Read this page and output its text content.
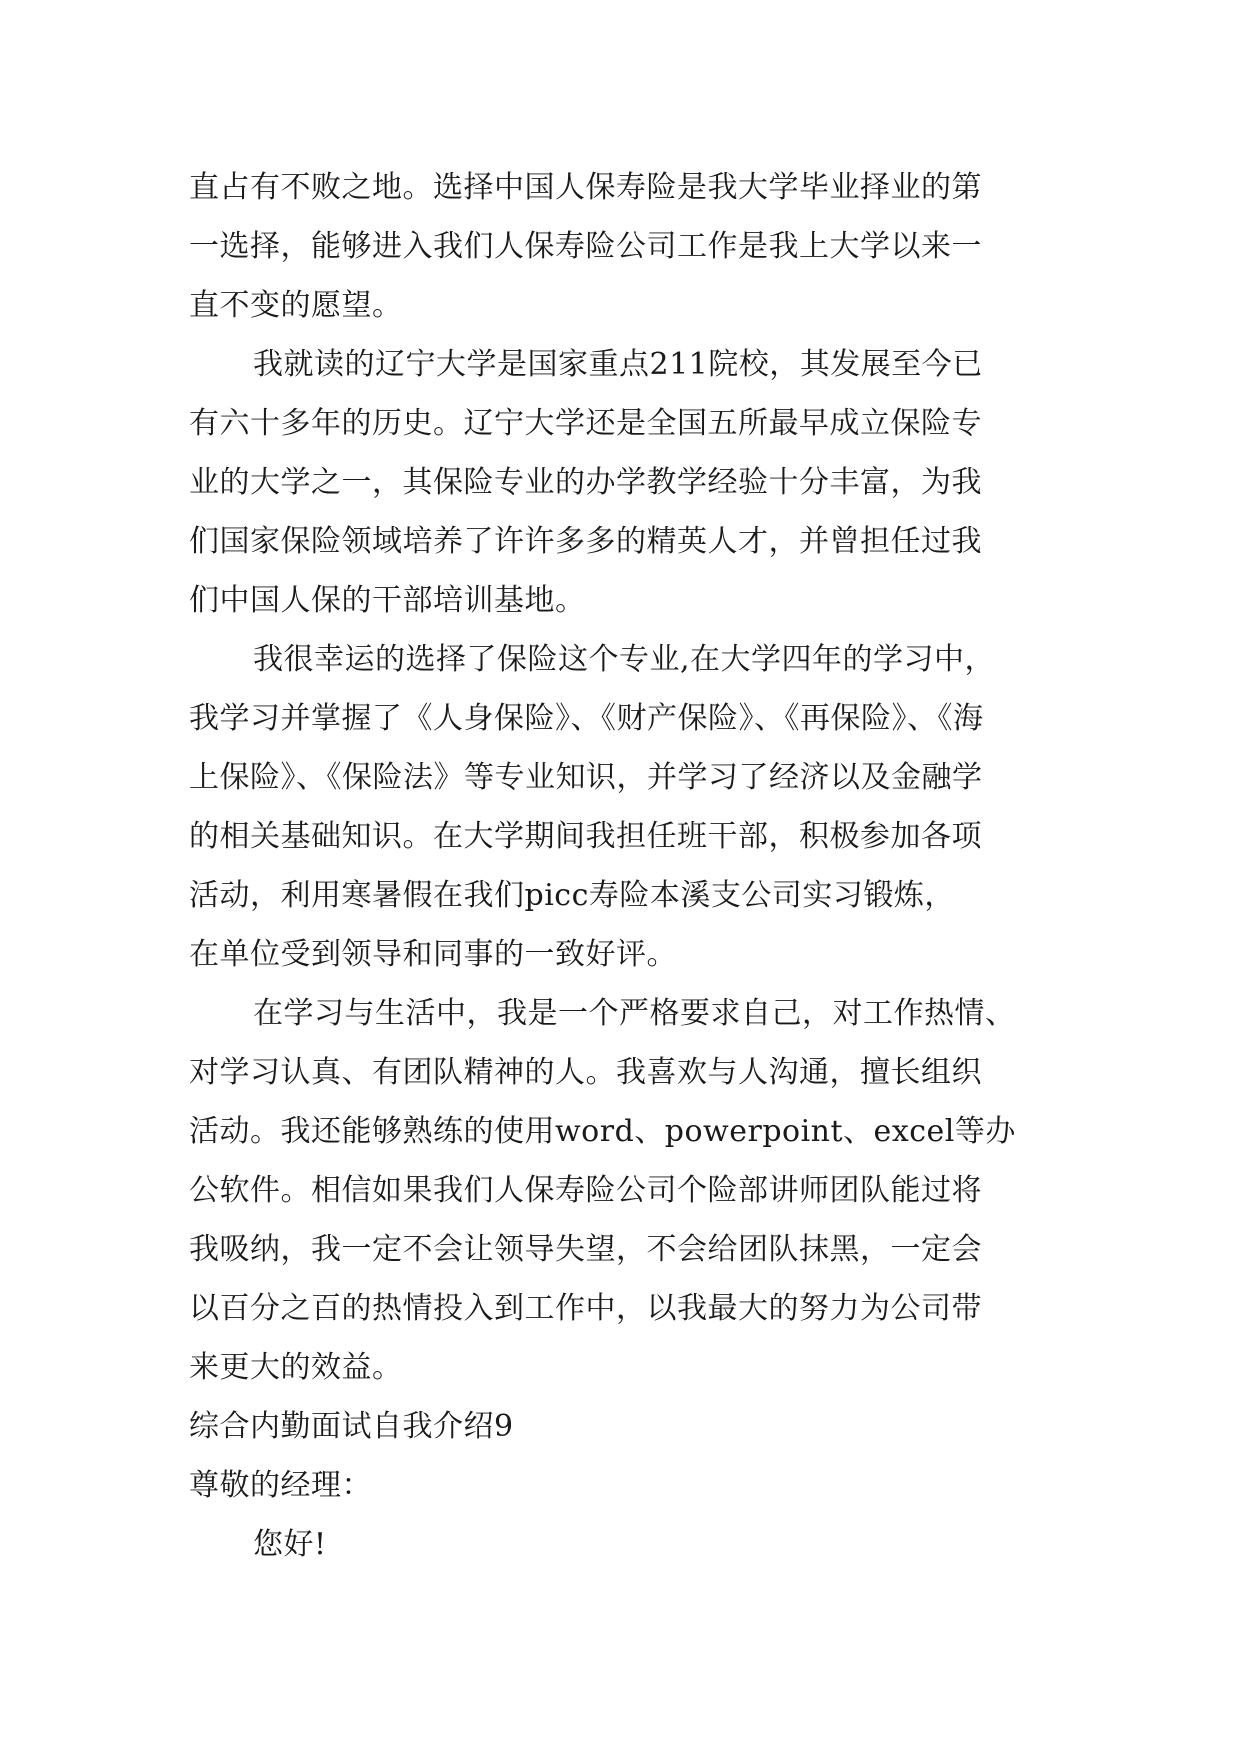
直占有不败之地。选择中国人保寿险是我大学毕业择业的第
一选择，能够进入我们人保寿险公司工作是我上大学以来一
直不变的愿望。
我就读的辽宁大学是国家重点211院校，其发展至今已
有六十多年的历史。辽宁大学还是全国五所最早成立保险专
业的大学之一，其保险专业的办学教学经验十分丰富，为我
们国家保险领域培养了许许多多的精英人才，并曾担任过我
们中国人保的干部培训基地。
我很幸运的选择了保险这个专业,在大学四年的学习中，
我学习并掌握了《人身保险》、《财产保险》、《再保险》、《海
上保险》、《保险法》等专业知识，并学习了经济以及金融学
的相关基础知识。在大学期间我担任班干部，积极参加各项
活动，利用寒暑假在我们picc寿险本溪支公司实习锻炼，
在单位受到领导和同事的一致好评。
在学习与生活中，我是一个严格要求自己，对工作热情、
对学习认真、有团队精神的人。我喜欢与人沟通，擅长组织
活动。我还能够熟练的使用word、powerpoint、excel等办
公软件。相信如果我们人保寿险公司个险部讲师团队能过将
我吸纳，我一定不会让领导失望，不会给团队抹黑，一定会
以百分之百的热情投入到工作中，以我最大的努力为公司带
来更大的效益。
综合内勤面试自我介绍9
尊敬的经理：
您好!
